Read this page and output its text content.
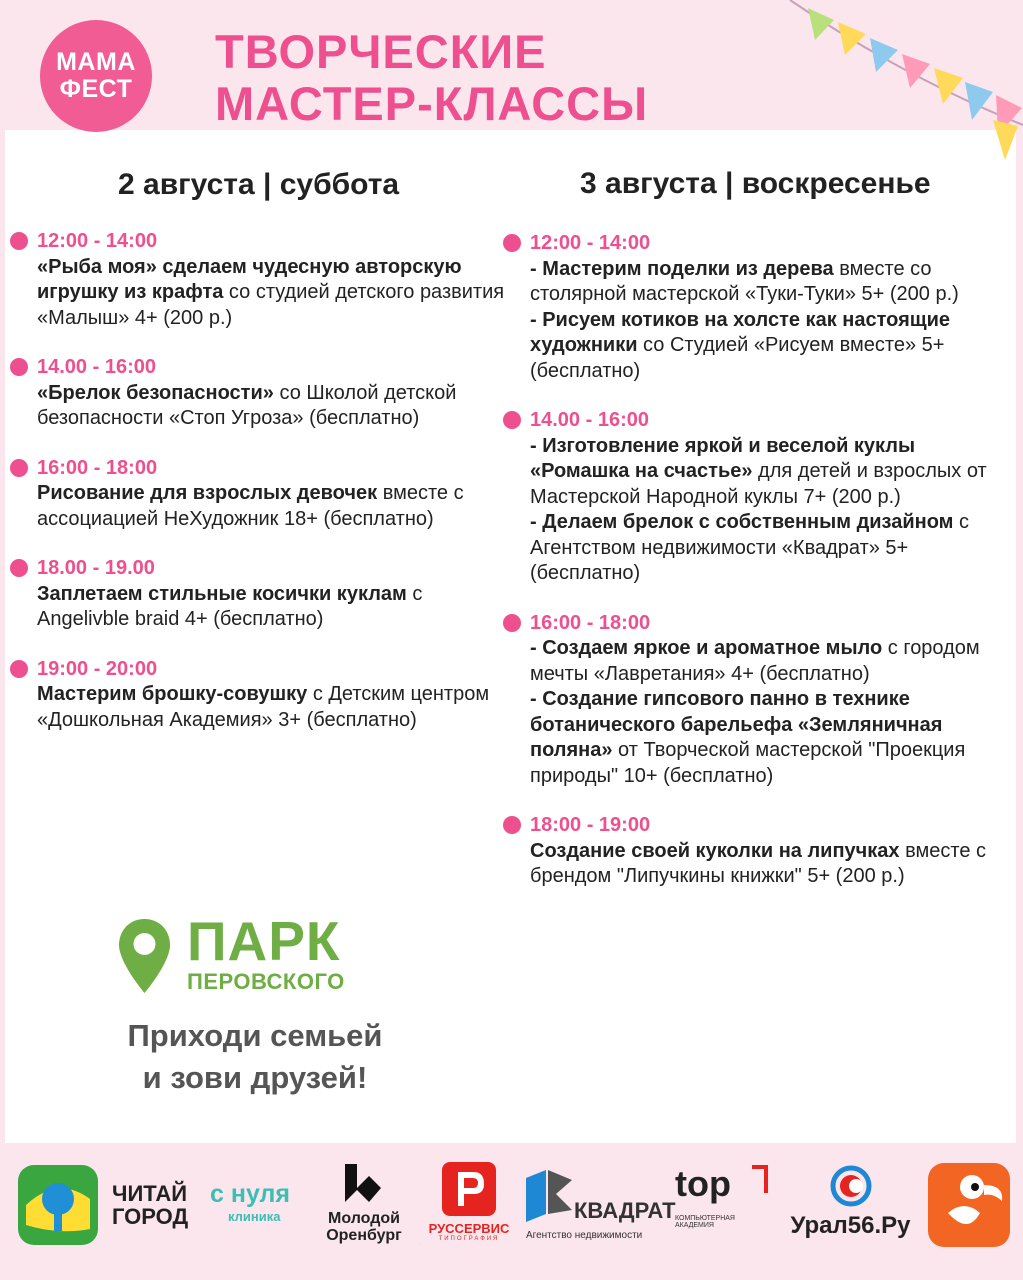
МАМА
ФЕСТ
ТВОРЧЕСКИЕ
МАСТЕР-КЛАССЫ
2 августа | суббота
12:00 - 14:00
«Рыба моя» сделаем чудесную авторскую игрушку из крафта со студией детского развития «Малыш» 4+ (200 р.)
14.00 - 16:00
«Брелок безопасности» со Школой детской безопасности «Стоп Угроза» (бесплатно)
16:00 - 18:00
Рисование для взрослых девочек вместе с ассоциацией НеХудожник 18+ (бесплатно)
18.00 - 19.00
Заплетаем стильные косички куклам с Angelivble braid 4+ (бесплатно)
19:00 - 20:00
Мастерим брошку-совушку с Детским центром «Дошкольная Академия» 3+ (бесплатно)
3 августа | воскресенье
12:00 - 14:00
- Мастерим поделки из дерева вместе со столярной мастерской «Туки-Туки» 5+ (200 р.)
- Рисуем котиков на холсте как настоящие художники со Студией «Рисуем вместе» 5+ (бесплатно)
14.00 - 16:00
- Изготовление яркой и веселой куклы «Ромашка на счастье» для детей и взрослых от Мастерской Народной куклы 7+ (200 р.)
- Делаем брелок с собственным дизайном с Агентством недвижимости «Квадрат» 5+ (бесплатно)
16:00 - 18:00
- Создаем яркое и ароматное мыло с городом мечты «Лавретания» 4+ (бесплатно)
- Создание гипсового панно в технике ботанического барельефа «Земляничная поляна» от Творческой мастерской "Проекция природы" 10+ (бесплатно)
18:00 - 19:00
Создание своей куколки на липучках вместе с брендом "Липучкины книжки" 5+ (200 р.)
ПАРК
ПЕРОВСКОГО
Приходи семьей
и зови друзей!
ЧИТАЙ
ГОРОД
с нуля
клиника	Молодой
Оренбург	РУССЕРВИС
ТИПОГРАФИЯ
КВАДРАТ
Агентство недвижимости
top
КОМПЬЮТЕРНАЯ
АКАДЕМИЯ	Урал56.Ру
